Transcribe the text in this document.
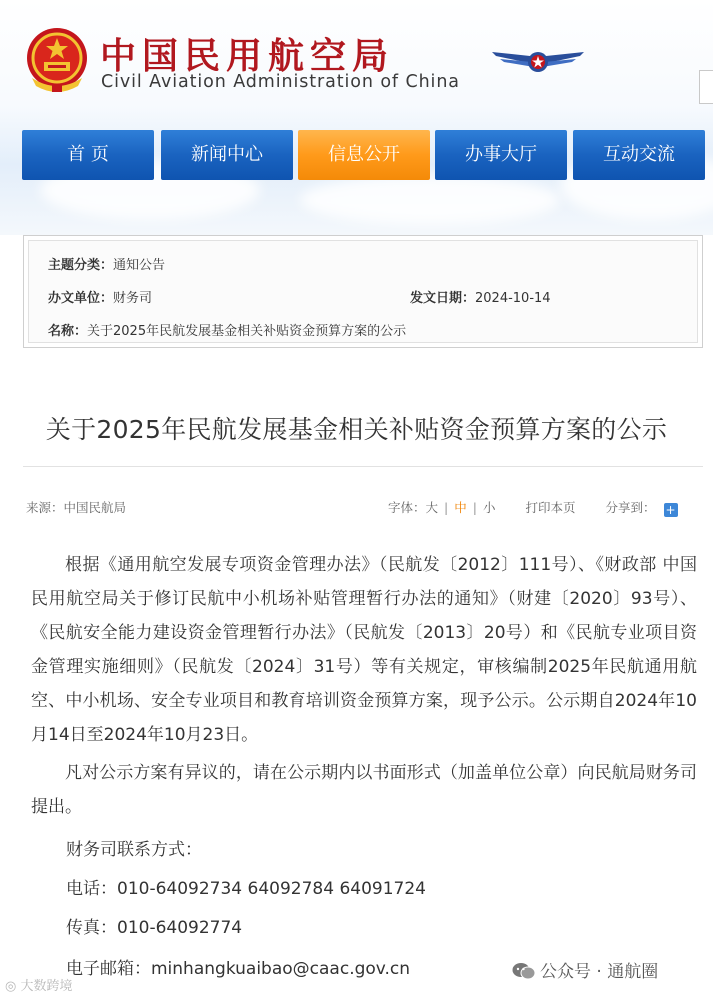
中国民用航空局
Civil Aviation Administration of China
首 页	新闻中心	信息公开	办事大厅	互动交流
主题分类：通知公告
办文单位：财务司	发文日期：2024-10-14
名称：关于2025年民航发展基金相关补贴资金预算方案的公示
关于2025年民航发展基金相关补贴资金预算方案的公示
来源：中国民航局	字体：大 | 中 | 小 打印本页 分享到： +

根据《通用航空发展专项资金管理办法》（民航发〔2012〕111号）、《财政部 中国民用航空局关于修订民航中小机场补贴管理暂行办法的通知》（财建〔2020〕93号）、《民航安全能力建设资金管理暂行办法》（民航发〔2013〕20号）和《民航专业项目资金管理实施细则》（民航发〔2024〕31号）等有关规定，审核编制2025年民航通用航空、中小机场、安全专业项目和教育培训资金预算方案，现予公示。公示期自2024年10月14日至2024年10月23日。

凡对公示方案有异议的，请在公示期内以书面形式（加盖单位公章）向民航局财务司提出。

财务司联系方式：
电话：010-64092734 64092784 64091724
传真：010-64092774
电子邮箱：minhangkuaibao@caac.gov.cn
◎ 大数跨境
公众号 · 通航圈
